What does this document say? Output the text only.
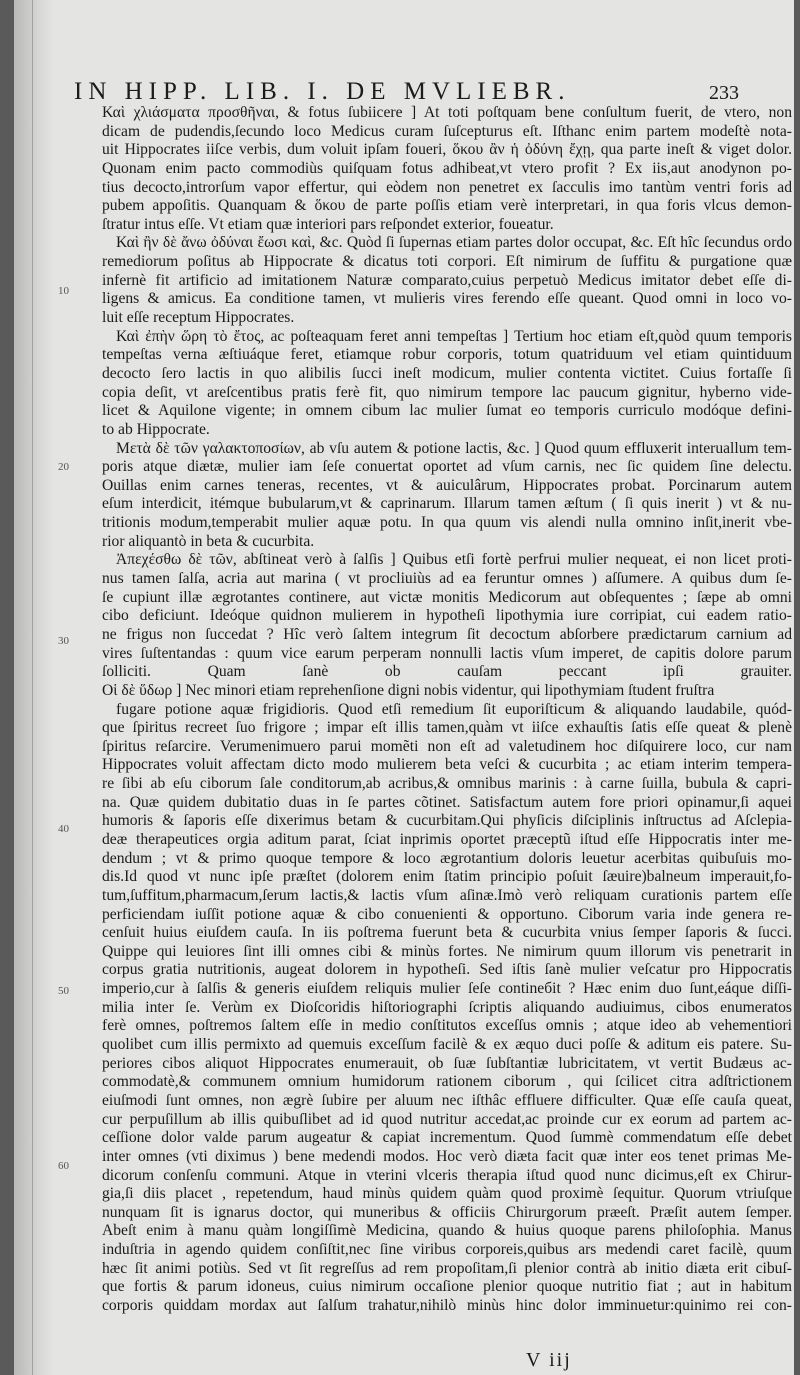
IN HIPP. LIB. I. DE MVLIEBR.	233
10
20
30
40
50
60
Καὶ χλιάσματα προσθῆναι, & fotus ſubiicere ] At toti poſtquam bene conſultum fuerit, de vtero, non
dicam de pudendis,ſecundo loco Medicus curam ſuſcepturus eſt. Iſthanc enim partem modeſtè nota-
uit Hippocrates iiſce verbis, dum voluit ipſam foueri, ὅκου ἂν ἡ ὀδύνη ἔχῃ, qua parte ineſt & viget dolor.
Quonam enim pacto commodiùs quiſquam fotus adhibeat,vt vtero profit ? Ex iis,aut anodynon po-
tius decocto,introrſum vapor effertur, qui eòdem non penetret ex ſacculis imo tantùm ventri foris ad
pubem appoſitis. Quanquam & ὅκου de parte poſſis etiam verè interpretari, in qua foris vlcus demon-
ſtratur intus eſſe. Vt etiam quæ interiori pars reſpondet exterior, foueatur.
Καὶ ἢν δὲ ἄνω ὀδύναι ἔωσι καὶ, &c. Quòd ſi ſupernas etiam partes dolor occupat, &c. Eſt hîc ſecundus ordo
remediorum poſitus ab Hippocrate & dicatus toti corpori. Eſt nimirum de ſuffitu & purgatione quæ
infernè fit artificio ad imitationem Naturæ comparato,cuius perpetuò Medicus imitator debet eſſe di-
ligens & amicus. Ea conditione tamen, vt mulieris vires ferendo eſſe queant. Quod omni in loco vo-
luit eſſe receptum Hippocrates.
Καὶ ἐπὴν ὥρη τὸ ἔτος, ac poſteaquam feret anni tempeſtas ] Tertium hoc etiam eſt,quòd quum temporis
tempeſtas verna æſtiuáque feret, etiamque robur corporis, totum quatriduum vel etiam quintiduum
decocto ſero lactis in quo alibilis ſucci ineſt modicum, mulier contenta victitet. Cuius fortaſſe ſi
copia deſit, vt areſcentibus pratis ferè fit, quo nimirum tempore lac paucum gignitur, hyberno vide-
licet & Aquilone vigente; in omnem cibum lac mulier ſumat eo temporis curriculo modóque defini-
to ab Hippocrate.
Μετὰ δὲ τῶν γαλακτοποσίων, ab vſu autem & potione lactis, &c. ] Quod quum effluxerit interuallum tem-
poris atque diætæ, mulier iam ſeſe conuertat oportet ad vſum carnis, nec ſic quidem ſine delectu.
Ouillas enim carnes teneras, recentes, vt & auiculârum, Hippocrates probat. Porcinarum autem
eſum interdicit, itémque bubularum,vt & caprinarum. Illarum tamen æſtum ( ſi quis inerit ) vt & nu-
tritionis modum,temperabit mulier aquæ potu. In qua quum vis alendi nulla omnino inſit,inerit vbe-
rior aliquantò in beta & cucurbita.
Ἀπεχέσθω δὲ τῶν, abſtineat verò à ſalſis ] Quibus etſi fortè perfrui mulier nequeat, ei non licet proti-
nus tamen ſalſa, acria aut marina ( vt procliuiùs ad ea feruntur omnes ) aſſumere. A quibus dum ſe-
ſe cupiunt illæ ægrotantes continere, aut victæ monitis Medicorum aut obſequentes ; ſæpe ab omni
cibo deficiunt. Ideóque quidnon mulierem in hypotheſi lipothymia iure corripiat, cui eadem ratio-
ne frigus non ſuccedat ? Hîc verò ſaltem integrum ſit decoctum abſorbere prædictarum carnium ad
vires ſuſtentandas : quum vice earum perperam nonnulli lactis vſum imperet, de capitis dolore parum
ſolliciti. Quam ſanè ob cauſam peccant ipſi grauiter.
Οἱ δὲ ὕδωρ ] Nec minori etiam reprehenſione digni nobis videntur, qui lipothymiam ſtudent fruſtra
fugare potione aquæ frigidioris. Quod etſi remedium ſit euporiſticum & aliquando laudabile, quód-
que ſpiritus recreet ſuo frigore ; impar eſt illis tamen,quàm vt iiſce exhauſtis ſatis eſſe queat & plenè
ſpiritus reſarcire. Verumenimuero parui momẽti non eſt ad valetudinem hoc diſquirere loco, cur nam
Hippocrates voluit affectam dicto modo mulierem beta veſci & cucurbita ; ac etiam interim tempera-
re ſibi ab eſu ciborum ſale conditorum,ab acribus,& omnibus marinis : à carne ſuilla, bubula & capri-
na. Quæ quidem dubitatio duas in ſe partes cõtinet. Satisfactum autem fore priori opinamur,ſi aquei
humoris & ſaporis eſſe dixerimus betam & cucurbitam.Qui phyſicis diſciplinis inſtructus ad Aſclepia-
deæ therapeutices orgia aditum parat, ſciat inprimis oportet præceptũ iſtud eſſe Hippocratis inter me-
dendum ; vt & primo quoque tempore & loco ægrotantium doloris leuetur acerbitas quibuſuis mo-
dis.Id quod vt nunc ipſe præſtet (dolorem enim ſtatim principio poſuit ſæuire)balneum imperauit,fo-
tum,ſuffitum,pharmacum,ſerum lactis,& lactis vſum aſinæ.Imò verò reliquam curationis partem eſſe
perficiendam iuſſit potione aquæ & cibo conuenienti & opportuno. Ciborum varia inde genera re-
cenſuit huius eiuſdem cauſa. In iis poſtrema fuerunt beta & cucurbita vnius ſemper ſaporis & ſucci.
Quippe qui leuiores ſint illi omnes cibi & minùs fortes. Ne nimirum quum illorum vis penetrarit in
corpus gratia nutritionis, augeat dolorem in hypotheſi. Sed iſtis ſanè mulier veſcatur pro Hippocratis
imperio,cur à ſalſis & generis eiuſdem reliquis mulier ſeſe contineбit ? Hæc enim duo ſunt,eáque diſſi-
milia inter ſe. Verùm ex Dioſcoridis hiſtoriographi ſcriptis aliquando audiuimus, cibos enumeratos
ferè omnes, poſtremos ſaltem eſſe in medio conſtitutos exceſſus omnis ; atque ideo ab vehementiori
quolibet cum illis permixto ad quemuis exceſſum facilè & ex æquo duci poſſe & aditum eis patere. Su-
periores cibos aliquot Hippocrates enumerauit, ob ſuæ ſubſtantiæ lubricitatem, vt vertit Budæus ac-
commodatè,& communem omnium humidorum rationem ciborum , qui ſcilicet citra adſtrictionem
eiuſmodi ſunt omnes, non ægrè ſubire per aluum nec iſthâc effluere difficulter. Quæ eſſe cauſa queat,
cur perpuſillum ab illis quibuſlibet ad id quod nutritur accedat,ac proinde cur ex eorum ad partem ac-
ceſſione dolor valde parum augeatur & capiat incrementum. Quod ſummè commendatum eſſe debet
inter omnes (vti diximus ) bene medendi modos. Hoc verò diæta facit quæ inter eos tenet primas Me-
dicorum conſenſu communi. Atque in vterini vlceris therapia iſtud quod nunc dicimus,eſt ex Chirur-
gia,ſi diis placet , repetendum, haud minùs quidem quàm quod proximè ſequitur. Quorum vtriuſque
nunquam ſit is ignarus doctor, qui muneribus & officiis Chirurgorum præeſt. Præſit autem ſemper.
Abeſt enim à manu quàm longiſſimè Medicina, quando & huius quoque parens philoſophia. Manus
induſtria in agendo quidem conſiſtit,nec ſine viribus corporeis,quibus ars medendi caret facilè, quum
hæc ſit animi potiùs. Sed vt ſit regreſſus ad rem propoſitam,ſi plenior contrà ab initio diæta erit cibuſ-
que fortis & parum idoneus, cuius nimirum occaſione plenior quoque nutritio fiat ; aut in habitum
corporis quiddam mordax aut ſalſum trahatur,nihilò minùs hinc dolor imminuetur:quinimo rei con-
V iij
